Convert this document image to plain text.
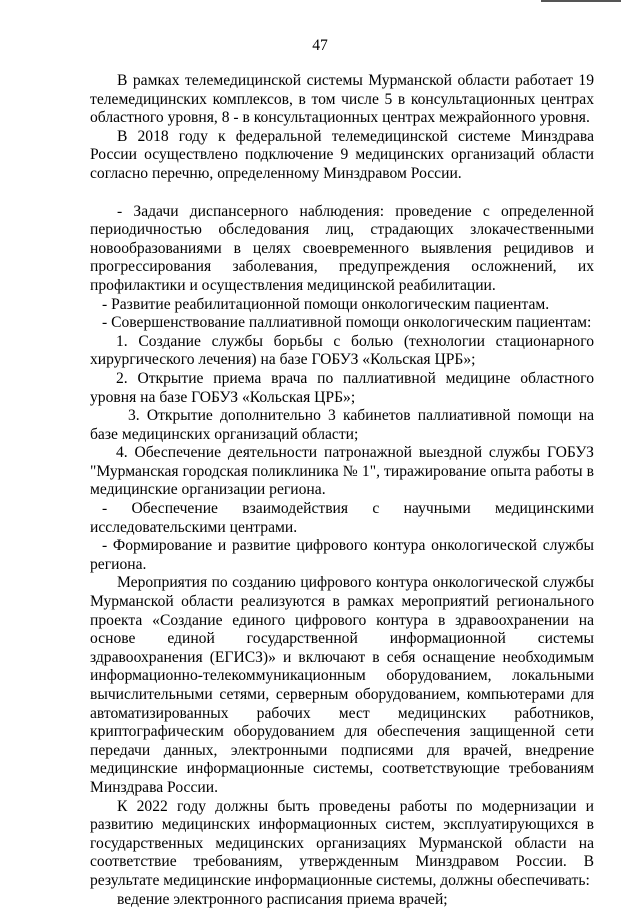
47

В рамках телемедицинской системы Мурманской области работает 19 телемедицинских комплексов, в том числе 5 в консультационных центрах областного уровня, 8 - в консультационных центрах межрайонного уровня.

В 2018 году к федеральной телемедицинской системе Минздрава России осуществлено подключение 9 медицинских организаций области согласно перечню, определенному Минздравом России.

- Задачи диспансерного наблюдения: проведение с определенной периодичностью обследования лиц, страдающих злокачественными новообразованиями в целях своевременного выявления рецидивов и прогрессирования заболевания, предупреждения осложнений, их профилактики и осуществления медицинской реабилитации.

- Развитие реабилитационной помощи онкологическим пациентам.

- Совершенствование паллиативной помощи онкологическим пациентам:

1. Создание службы борьбы с болью (технологии стационарного хирургического лечения) на базе ГОБУЗ «Кольская ЦРБ»;

2. Открытие приема врача по паллиативной медицине областного уровня на базе ГОБУЗ «Кольская ЦРБ»;

3. Открытие дополнительно 3 кабинетов паллиативной помощи на базе медицинских организаций области;

4. Обеспечение деятельности патронажной выездной службы ГОБУЗ "Мурманская городская поликлиника № 1", тиражирование опыта работы в медицинские организации региона.

- Обеспечение взаимодействия с научными медицинскими исследовательскими центрами.

- Формирование и развитие цифрового контура онкологической службы региона.

Мероприятия по созданию цифрового контура онкологической службы Мурманской области реализуются в рамках мероприятий регионального проекта «Создание единого цифрового контура в здравоохранении на основе единой государственной информационной системы здравоохранения (ЕГИСЗ)» и включают в себя оснащение необходимым информационно-телекоммуникационным оборудованием, локальными вычислительными сетями, серверным оборудованием, компьютерами для автоматизированных рабочих мест медицинских работников, криптографическим оборудованием для обеспечения защищенной сети передачи данных, электронными подписями для врачей, внедрение медицинские информационные системы, соответствующие требованиям Минздрава России.

К 2022 году должны быть проведены работы по модернизации и развитию медицинских информационных систем, эксплуатирующихся в государственных медицинских организациях Мурманской области на соответствие требованиям, утвержденным Минздравом России. В результате медицинские информационные системы, должны обеспечивать:

ведение электронного расписания приема врачей;
